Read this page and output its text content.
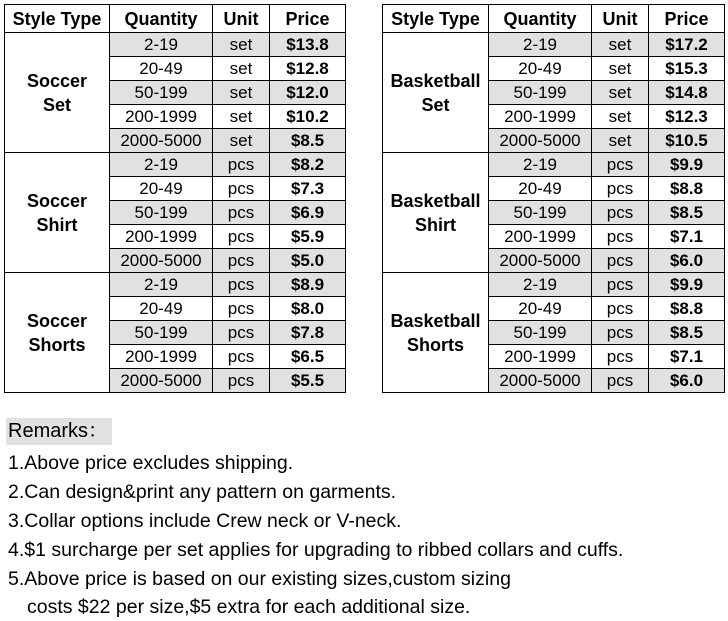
Style Type	Quantity	Unit	Price

Soccer
Set	2-19	set	$13.8
	20-49	set	$12.8
	50-199	set	$12.0
	200-1999	set	$10.2
	2000-5000	set	$8.5

Soccer
Shirt	2-19	pcs	$8.2
	20-49	pcs	$7.3
	50-199	pcs	$6.9
	200-1999	pcs	$5.9
	2000-5000	pcs	$5.0

Soccer
Shorts	2-19	pcs	$8.9
	20-49	pcs	$8.0
	50-199	pcs	$7.8
	200-1999	pcs	$6.5
	2000-5000	pcs	$5.5
Style Type	Quantity	Unit	Price

Basketball
Set	2-19	set	$17.2
	20-49	set	$15.3
	50-199	set	$14.8
	200-1999	set	$12.3
	2000-5000	set	$10.5

Basketball
Shirt	2-19	pcs	$9.9
	20-49	pcs	$8.8
	50-199	pcs	$8.5
	200-1999	pcs	$7.1
	2000-5000	pcs	$6.0

Basketball
Shorts	2-19	pcs	$9.9
	20-49	pcs	$8.8
	50-199	pcs	$8.5
	200-1999	pcs	$7.1
	2000-5000	pcs	$6.0
Remarks：
1.Above price excludes shipping.
2.Can design&print any pattern on garments.
3.Collar options include Crew neck or V-neck.
4.$1 surcharge per set applies for upgrading to ribbed collars and cuffs.
5.Above price is based on our existing sizes,custom sizing
costs $22 per size,$5 extra for each additional size.
